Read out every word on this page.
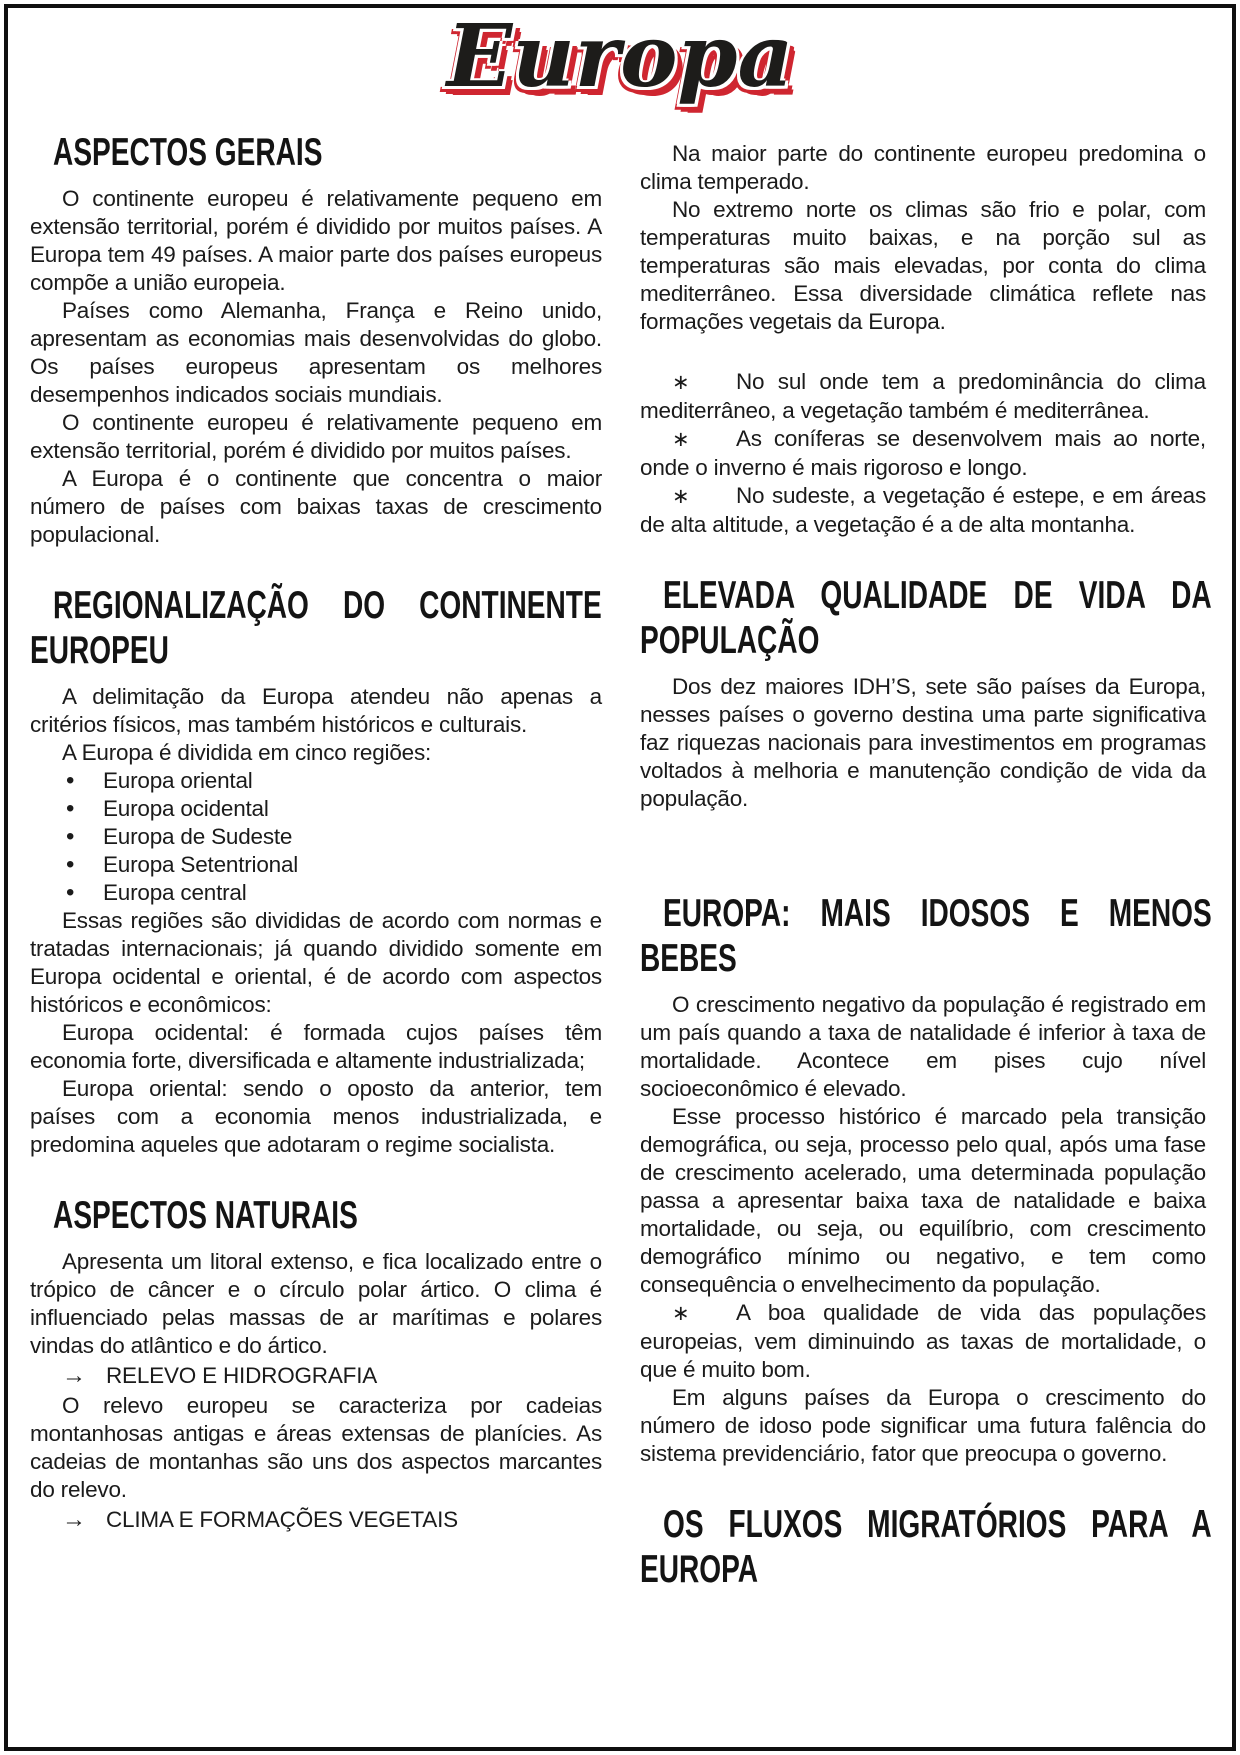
Europa
ASPECTOS GERAIS
O continente europeu é relativamente pequeno em extensão territorial, porém é dividido por muitos países. A Europa tem 49 países. A maior parte dos países europeus compõe a união europeia.
Países como Alemanha, França e Reino unido, apresentam as economias mais desenvolvidas do globo. Os países europeus apresentam os melhores desempenhos indicados sociais mundiais.
O continente europeu é relativamente pequeno em extensão territorial, porém é dividido por muitos países.
A Europa é o continente que concentra o maior número de países com baixas taxas de crescimento populacional.
REGIONALIZAÇÃO DO CONTINENTE EUROPEU
A delimitação da Europa atendeu não apenas a critérios físicos, mas também históricos e culturais.
A Europa é dividida em cinco regiões:
• Europa oriental
• Europa ocidental
• Europa de Sudeste
• Europa Setentrional
• Europa central
Essas regiões são divididas de acordo com normas e tratadas internacionais; já quando dividido somente em Europa ocidental e oriental, é de acordo com aspectos históricos e econômicos:
Europa ocidental: é formada cujos países têm economia forte, diversificada e altamente industrializada;
Europa oriental: sendo o oposto da anterior, tem países com a economia menos industrializada, e predomina aqueles que adotaram o regime socialista.
ASPECTOS NATURAIS
Apresenta um litoral extenso, e fica localizado entre o trópico de câncer e o círculo polar ártico. O clima é influenciado pelas massas de ar marítimas e polares vindas do atlântico e do ártico.
→ RELEVO E HIDROGRAFIA
O relevo europeu se caracteriza por cadeias montanhosas antigas e áreas extensas de planícies. As cadeias de montanhas são uns dos aspectos marcantes do relevo.
→ CLIMA E FORMAÇÕES VEGETAIS
Na maior parte do continente europeu predomina o clima temperado.
No extremo norte os climas são frio e polar, com temperaturas muito baixas, e na porção sul as temperaturas são mais elevadas, por conta do clima mediterrâneo. Essa diversidade climática reflete nas formações vegetais da Europa.
∗ No sul onde tem a predominância do clima mediterrâneo, a vegetação também é mediterrânea.
∗ As coníferas se desenvolvem mais ao norte, onde o inverno é mais rigoroso e longo.
∗ No sudeste, a vegetação é estepe, e em áreas de alta altitude, a vegetação é a de alta montanha.
ELEVADA QUALIDADE DE VIDA DA POPULAÇÃO
Dos dez maiores IDH’S, sete são países da Europa, nesses países o governo destina uma parte significativa faz riquezas nacionais para investimentos em programas voltados à melhoria e manutenção condição de vida da população.
EUROPA: MAIS IDOSOS E MENOS BEBES
O crescimento negativo da população é registrado em um país quando a taxa de natalidade é inferior à taxa de mortalidade. Acontece em pises cujo nível socioeconômico é elevado.
Esse processo histórico é marcado pela transição demográfica, ou seja, processo pelo qual, após uma fase de crescimento acelerado, uma determinada população passa a apresentar baixa taxa de natalidade e baixa mortalidade, ou seja, ou equilíbrio, com crescimento demográfico mínimo ou negativo, e tem como consequência o envelhecimento da população.
∗ A boa qualidade de vida das populações europeias, vem diminuindo as taxas de mortalidade, o que é muito bom.
Em alguns países da Europa o crescimento do número de idoso pode significar uma futura falência do sistema previdenciário, fator que preocupa o governo.
OS FLUXOS MIGRATÓRIOS PARA A EUROPA
